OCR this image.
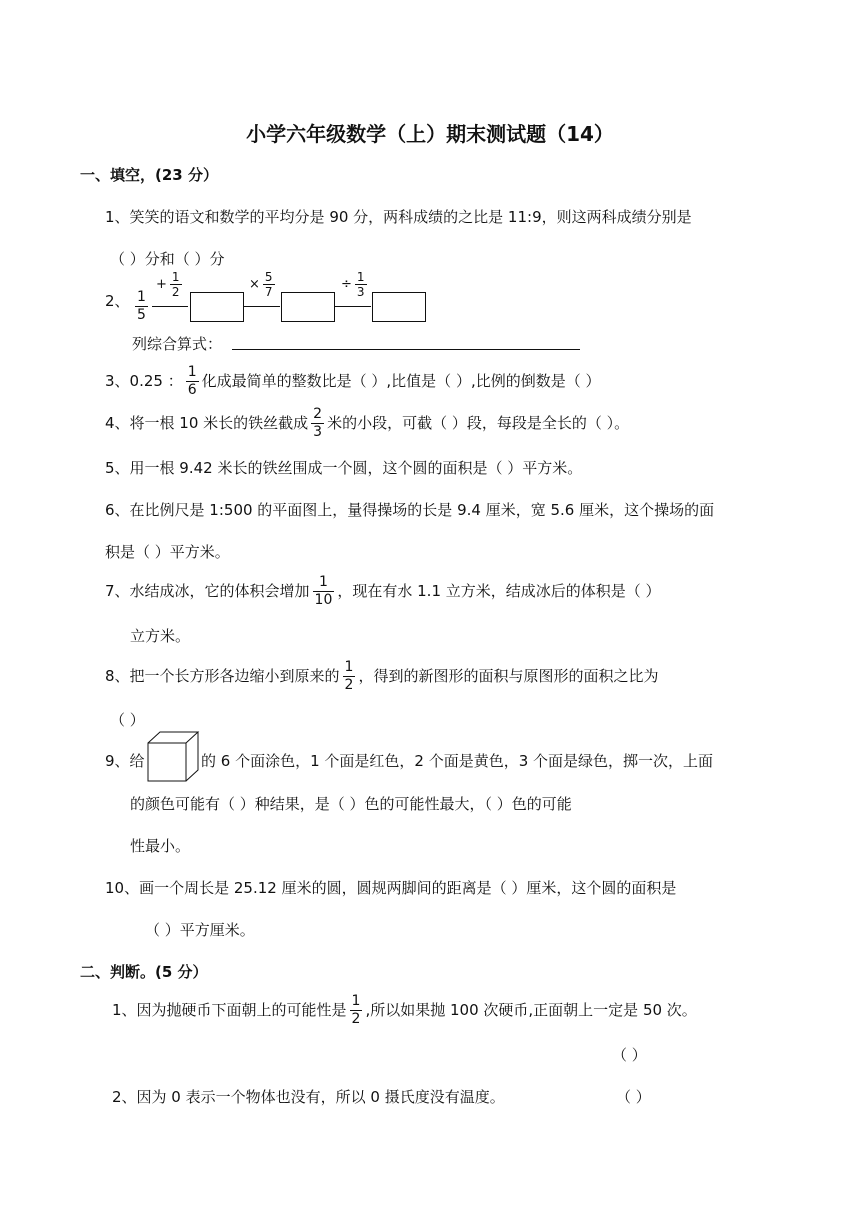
小学六年级数学（上）期末测试题（14）
一、填空，(23 分）
1、笑笑的语文和数学的平均分是 90 分，两科成绩的之比是 11:9，则这两科成绩分别是
（ ）分和（ ）分
2、 $\frac{1}{5}$
+ $\frac{1}{2}$	× $\frac{5}{7}$	÷ $\frac{1}{3}$
列综合算式：
3、0.25 ： $\frac{1}{6}$ 化成最简单的整数比是（ ）,比值是（ ）,比例的倒数是（ ）
4、将一根 10 米长的铁丝截成 $\frac{2}{3}$ 米的小段，可截（ ）段，每段是全长的（ ）。
5、用一根 9.42 米长的铁丝围成一个圆，这个圆的面积是（ ）平方米。
6、在比例尺是 1:500 的平面图上，量得操场的长是 9.4 厘米，宽 5.6 厘米，这个操场的面
积是（ ）平方米。
7、水结成冰，它的体积会增加 $\frac{1}{10}$ ，现在有水 1.1 立方米，结成冰后的体积是（ ）
立方米。
8、把一个长方形各边缩小到原来的 $\frac{1}{2}$ ，得到的新图形的面积与原图形的面积之比为
（ ）
9、给	的 6 个面涂色，1 个面是红色，2 个面是黄色，3 个面是绿色，掷一次，上面
的颜色可能有（ ）种结果，是（ ）色的可能性最大，（ ）色的可能
性最小。
10、画一个周长是 25.12 厘米的圆，圆规两脚间的距离是（ ）厘米，这个圆的面积是
（ ）平方厘米。
二、判断。(5 分）
1、因为抛硬币下面朝上的可能性是 $\frac{1}{2}$ ,所以如果抛 100 次硬币,正面朝上一定是 50 次。
（ ）
2、因为 0 表示一个物体也没有，所以 0 摄氏度没有温度。	（ ）
